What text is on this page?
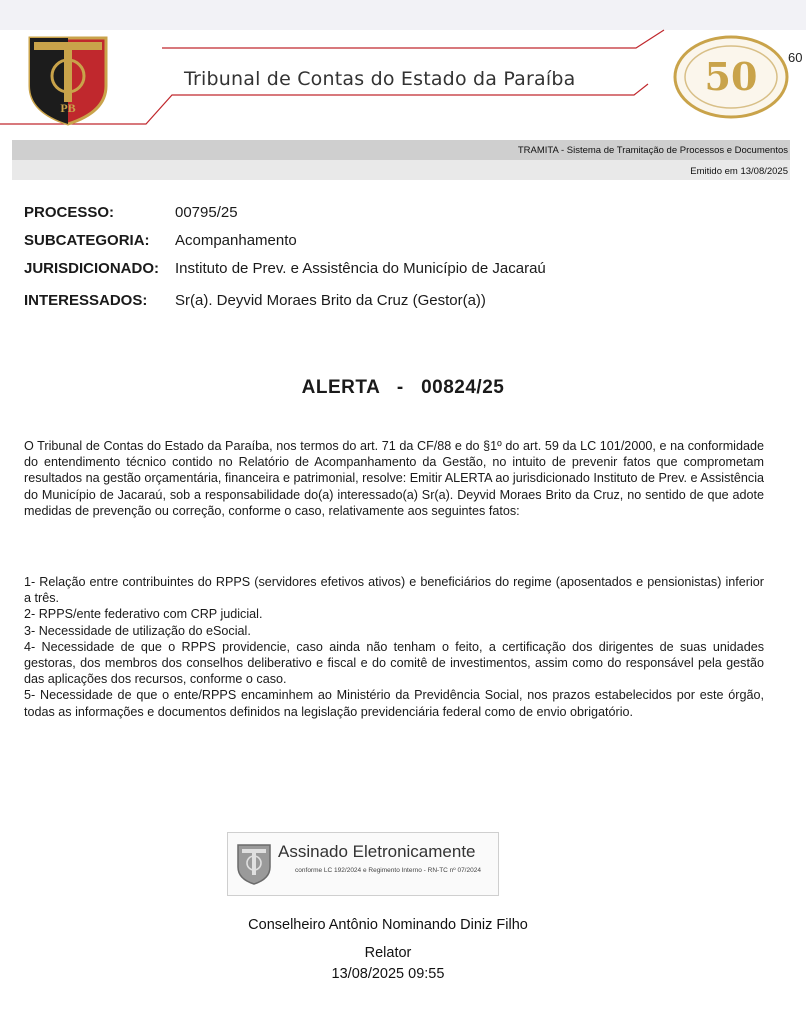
PB
Tribunal de Contas do Estado da Paraíba	50 60
TRAMITA - Sistema de Tramitação de Processos e Documentos
Emitido em 13/08/2025
PROCESSO:	00795/25
SUBCATEGORIA: Acompanhamento
JURISDICIONADO: Instituto de Prev. e Assistência do Município de Jacaraú
INTERESSADOS: Sr(a). Deyvid Moraes Brito da Cruz (Gestor(a))
ALERTA   -   00824/25

O Tribunal de Contas do Estado da Paraíba, nos termos do art. 71 da CF/88 e do §1º do art. 59 da LC 101/2000, e na conformidade do entendimento técnico contido no Relatório de Acompanhamento da Gestão, no intuito de prevenir fatos que comprometam resultados na gestão orçamentária, financeira e patrimonial, resolve: Emitir ALERTA ao jurisdicionado Instituto de Prev. e Assistência do Município de Jacaraú, sob a responsabilidade do(a) interessado(a) Sr(a). Deyvid Moraes Brito da Cruz, no sentido de que adote medidas de prevenção ou correção, conforme o caso, relativamente aos seguintes fatos:

1- Relação entre contribuintes do RPPS (servidores efetivos ativos) e beneficiários do regime (aposentados e pensionistas) inferior a três.
2- RPPS/ente federativo com CRP judicial.
3- Necessidade de utilização do eSocial.
4- Necessidade de que o RPPS providencie, caso ainda não tenham o feito, a certificação dos dirigentes de suas unidades gestoras, dos membros dos conselhos deliberativo e fiscal e do comitê de investimentos, assim como do responsável pela gestão das aplicações dos recursos, conforme o caso.
5- Necessidade de que o ente/RPPS encaminhem ao Ministério da Previdência Social, nos prazos estabelecidos por este órgão, todas as informações e documentos definidos na legislação previdenciária federal como de envio obrigatório.
Assinado Eletronicamente
conforme LC 192/2024 e Regimento Interno - RN-TC nº 07/2024
Conselheiro Antônio Nominando Diniz Filho
Relator
13/08/2025 09:55
